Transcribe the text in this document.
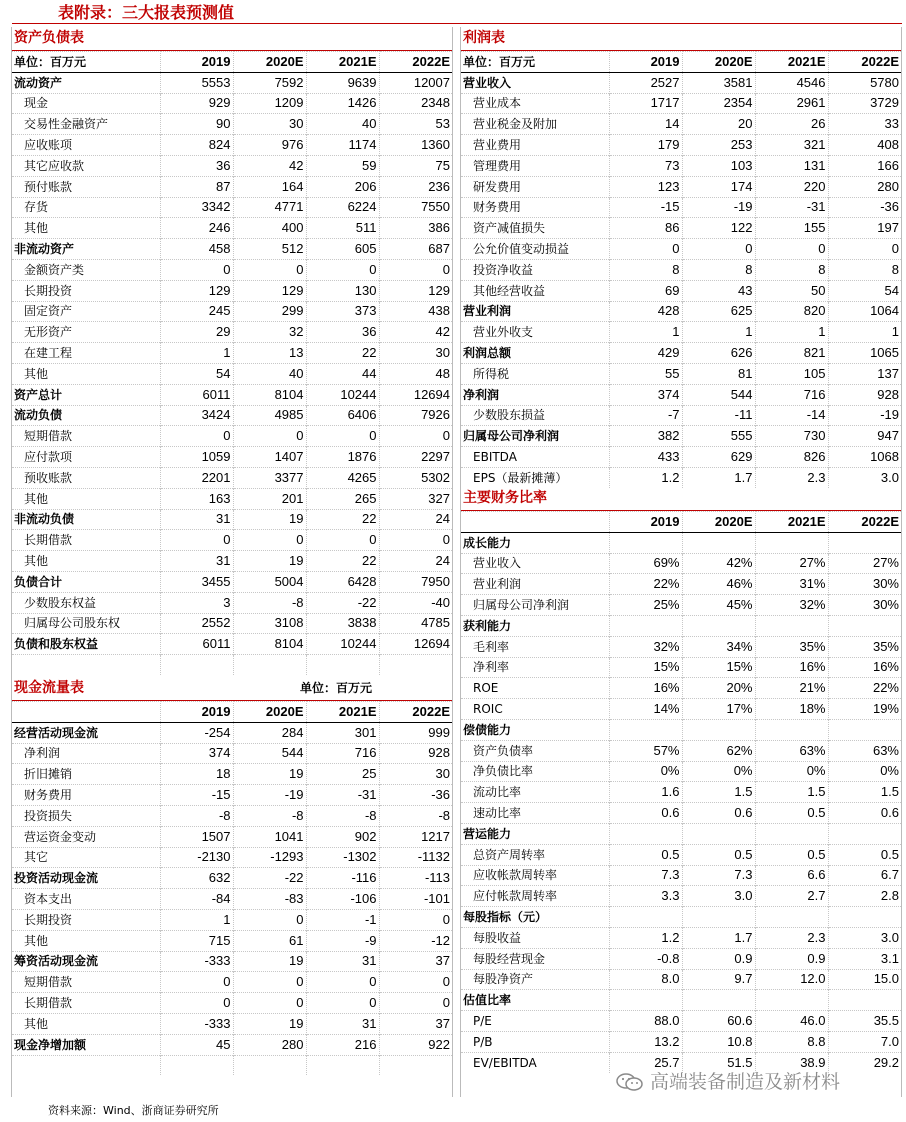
表附录：三大报表预测值
资产负债表
单位：百万元	2019	2020E	2021E	2022E
流动资产	5553	7592	9639	12007
现金	929	1209	1426	2348
交易性金融资产	90	30	40	53
应收账项	824	976	1174	1360
其它应收款	36	42	59	75
预付账款	87	164	206	236
存货	3342	4771	6224	7550
其他	246	400	511	386
非流动资产	458	512	605	687
金额资产类	0	0	0	0
长期投资	129	129	130	129
固定资产	245	299	373	438
无形资产	29	32	36	42
在建工程	1	13	22	30
其他	54	40	44	48
资产总计	6011	8104	10244	12694
流动负债	3424	4985	6406	7926
短期借款	0	0	0	0
应付款项	1059	1407	1876	2297
预收账款	2201	3377	4265	5302
其他	163	201	265	327
非流动负债	31	19	22	24
长期借款	0	0	0	0
其他	31	19	22	24
负债合计	3455	5004	6428	7950
少数股东权益	3	-8	-22	-40
归属母公司股东权	2552	3108	3838	4785
负债和股东权益	6011	8104	10244	12694

现金流量表	单位：百万元
	2019	2020E	2021E	2022E
经营活动现金流	-254	284	301	999
净利润	374	544	716	928
折旧摊销	18	19	25	30
财务费用	-15	-19	-31	-36
投资损失	-8	-8	-8	-8
营运资金变动	1507	1041	902	1217
其它	-2130	-1293	-1302	-1132
投资活动现金流	632	-22	-116	-113
资本支出	-84	-83	-106	-101
长期投资	1	0	-1	0
其他	715	61	-9	-12
筹资活动现金流	-333	19	31	37
短期借款	0	0	0	0
长期借款	0	0	0	0
其他	-333	19	31	37
现金净增加额	45	280	216	922

利润表
单位：百万元	2019	2020E	2021E	2022E
营业收入	2527	3581	4546	5780
营业成本	1717	2354	2961	3729
营业税金及附加	14	20	26	33
营业费用	179	253	321	408
管理费用	73	103	131	166
研发费用	123	174	220	280
财务费用	-15	-19	-31	-36
资产减值损失	86	122	155	197
公允价值变动损益	0	0	0	0
投资净收益	8	8	8	8
其他经营收益	69	43	50	54
营业利润	428	625	820	1064
营业外收支	1	1	1	1
利润总额	429	626	821	1065
所得税	55	81	105	137
净利润	374	544	716	928
少数股东损益	-7	-11	-14	-19
归属母公司净利润	382	555	730	947
EBITDA	433	629	826	1068
EPS（最新摊薄）	1.2	1.7	2.3	3.0
主要财务比率
	2019	2020E	2021E	2022E
成长能力				
营业收入	69%	42%	27%	27%
营业利润	22%	46%	31%	30%
归属母公司净利润	25%	45%	32%	30%
获利能力				
毛利率	32%	34%	35%	35%
净利率	15%	15%	16%	16%
ROE	16%	20%	21%	22%
ROIC	14%	17%	18%	19%
偿债能力				
资产负债率	57%	62%	63%	63%
净负债比率	0%	0%	0%	0%
流动比率	1.6	1.5	1.5	1.5
速动比率	0.6	0.6	0.5	0.6
营运能力				
总资产周转率	0.5	0.5	0.5	0.5
应收帐款周转率	7.3	7.3	6.6	6.7
应付帐款周转率	3.3	3.0	2.7	2.8
每股指标（元）				
每股收益	1.2	1.7	2.3	3.0
每股经营现金	-0.8	0.9	0.9	3.1
每股净资产	8.0	9.7	12.0	15.0
估值比率				
P/E	88.0	60.6	46.0	35.5
P/B	13.2	10.8	8.8	7.0
EV/EBITDA	25.7	51.5	38.9	29.2
资料来源：Wind、浙商证券研究所
高端装备制造及新材料
